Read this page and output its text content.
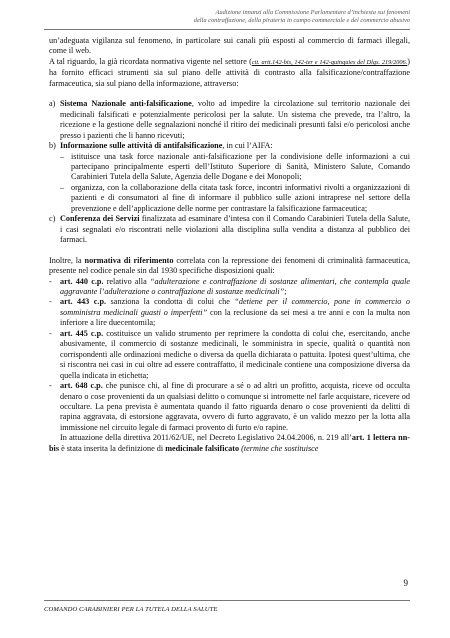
Audizione innanzi alla Commissione Parlamentare d’inchiesta sui fenomeni
della contraffazione, della pirateria in campo commerciale e del commercio abusivo

un’adeguata vigilanza sul fenomeno, in particolare sui canali più esposti al commercio di farmaci illegali, come il web.

A tal riguardo, la già ricordata normativa vigente nel settore (cit. artt.142-bis, 142-ter e 142-quinquies del Dlgs. 219/2006.) ha fornito efficaci strumenti sia sul piano delle attività di contrasto alla falsificazione/contraffazione farmaceutica, sia sul piano della informazione, attraverso:

a) Sistema Nazionale anti-falsificazione, volto ad impedire la circolazione sul territorio nazionale dei medicinali falsificati e potenzialmente pericolosi per la salute. Un sistema che prevede, tra l’altro, la ricezione e la gestione delle segnalazioni nonché il ritiro dei medicinali presunti falsi e/o pericolosi anche presso i pazienti che li hanno ricevuti;
b) Informazione sulle attività di antifalsificazione, in cui l’AIFA:
– istituisce una task force nazionale anti-falsificazione per la condivisione delle informazioni a cui partecipano principalmente esperti dell’Istituto Superiore di Sanità, Ministero Salute, Comando Carabinieri Tutela della Salute, Agenzia delle Dogane e dei Monopoli;
– organizza, con la collaborazione della citata task force, incontri informativi rivolti a organizzazioni di pazienti e di consumatori al fine di informare il pubblico sulle azioni intraprese nel settore della prevenzione e dell’applicazione delle norme per contrastare la falsificazione farmaceutica;
c) Conferenza dei Servizi finalizzata ad esaminare d’intesa con il Comando Carabinieri Tutela della Salute, i casi segnalati e/o riscontrati nelle violazioni alla disciplina sulla vendita a distanza al pubblico dei farmaci.

Inoltre, la normativa di riferimento correlata con la repressione dei fenomeni di criminalità farmaceutica, presente nel codice penale sin dal 1930 specifiche disposizioni quali:

-	art. 440 c.p. relativo alla “adulterazione e contraffazione di sostanze alimentari, che contempla quale aggravante l’adulterazione o contraffazione di sostanze medicinali”;
-	art. 443 c.p. sanziona la condotta di colui che “detiene per il commercio, pone in commercio o somministra medicinali guasti o imperfetti” con la reclusione da sei mesi a tre anni e con la multa non inferiore a lire duecentomila;
-	art. 445 c.p. costituisce un valido strumento per reprimere la condotta di colui che, esercitando, anche abusivamente, il commercio di sostanze medicinali, le somministra in specie, qualità o quantità non corrispondenti alle ordinazioni mediche o diversa da quella dichiarata o pattuita. Ipotesi quest’ultima, che si riscontra nei casi in cui oltre ad essere contraffatto, il medicinale contiene una composizione diversa da quella indicata in etichetta;
-	art. 648 c.p. che punisce chi, al fine di procurare a sé o ad altri un profitto, acquista, riceve od occulta denaro o cose provenienti da un qualsiasi delitto o comunque si intromette nel farle acquistare, ricevere od occultare. La pena prevista è aumentata quando il fatto riguarda denaro o cose provenienti da delitti di rapina aggravata, di estorsione aggravata, ovvero di furto aggravato, è un valido mezzo per la lotta alla immissione nel circuito legale di farmaci provento di furto e/o rapine.

In attuazione della direttiva 2011/62/UE, nel Decreto Legislativo 24.04.2006, n. 219 all’art. 1 lettera nn-bis è stata inserita la definizione di medicinale falsificato (termine che sostituisce

9
COMANDO CARABINIERI PER LA TUTELA DELLA SALUTE
